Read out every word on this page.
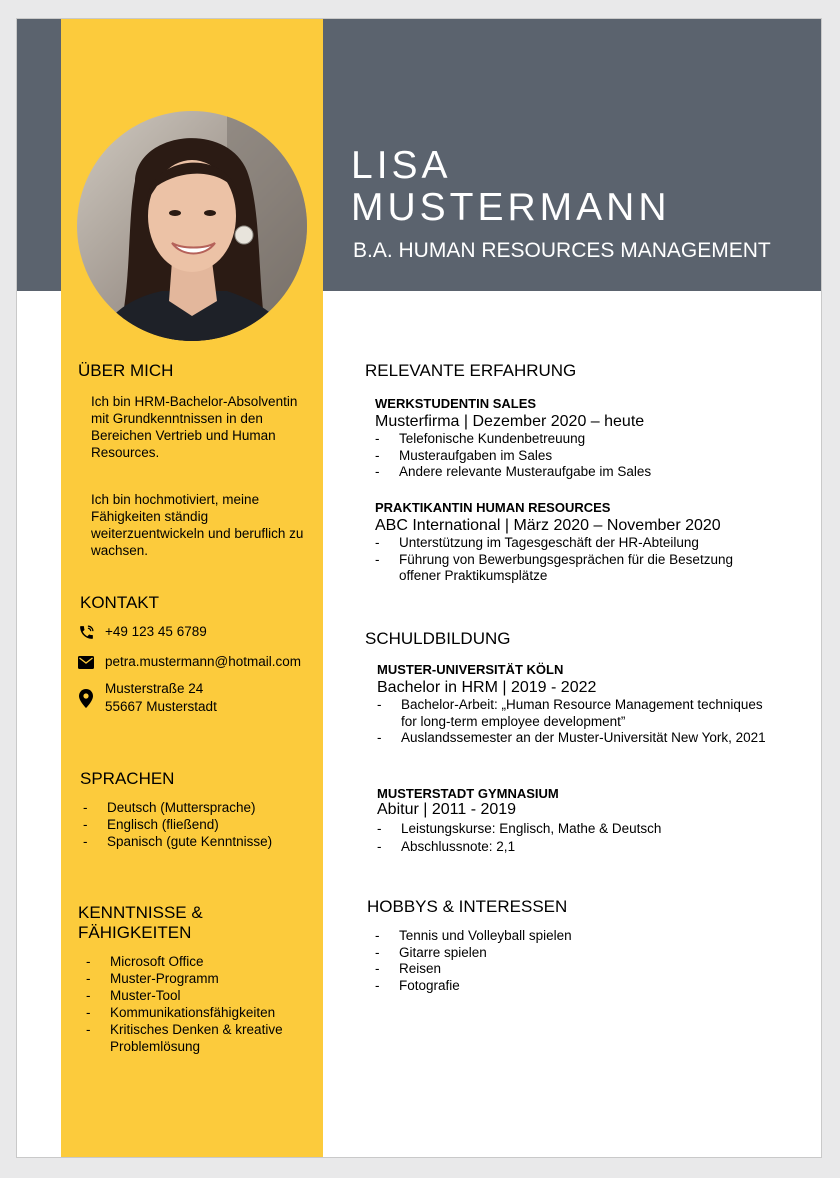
LISA
MUSTERMANN
B.A. HUMAN RESOURCES MANAGEMENT
ÜBER MICH
Ich bin HRM-Bachelor-Absolventin mit Grundkenntnissen in den Bereichen Vertrieb und Human Resources.
Ich bin hochmotiviert, meine Fähigkeiten ständig weiterzuentwickeln und beruflich zu wachsen.
KONTAKT
+49 123 45 6789
petra.mustermann@hotmail.com
Musterstraße 24
55667 Musterstadt
SPRACHEN
- Deutsch (Muttersprache)
- Englisch (fließend)
- Spanisch (gute Kenntnisse)
KENNTNISSE &
FÄHIGKEITEN
- Microsoft Office
- Muster-Programm
- Muster-Tool
- Kommunikationsfähigkeiten
- Kritisches Denken & kreative Problemlösung
RELEVANTE ERFAHRUNG
WERKSTUDENTIN SALES
Musterfirma | Dezember 2020 – heute
- Telefonische Kundenbetreuung
- Musteraufgaben im Sales
- Andere relevante Musteraufgabe im Sales
PRAKTIKANTIN HUMAN RESOURCES
ABC International | März 2020 – November 2020
- Unterstützung im Tagesgeschäft der HR-Abteilung
- Führung von Bewerbungsgesprächen für die Besetzung offener Praktikumsplätze
SCHULDBILDUNG
MUSTER-UNIVERSITÄT KÖLN
Bachelor in HRM | 2019 - 2022
- Bachelor-Arbeit: „Human Resource Management techniques for long-term employee development”
- Auslandssemester an der Muster-Universität New York, 2021
MUSTERSTADT GYMNASIUM
Abitur | 2011 - 2019
- Leistungskurse: Englisch, Mathe & Deutsch
- Abschlussnote: 2,1
HOBBYS & INTERESSEN
- Tennis und Volleyball spielen
- Gitarre spielen
- Reisen
- Fotografie
